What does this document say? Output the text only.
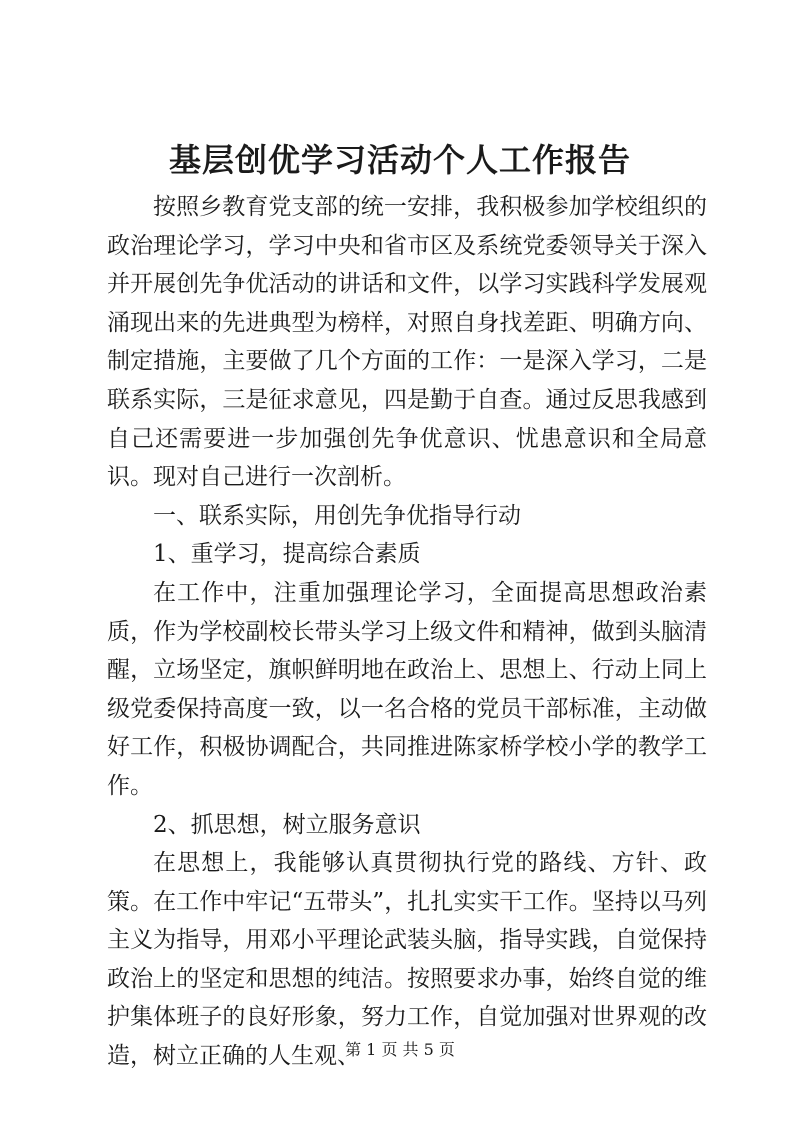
基层创优学习活动个人工作报告

按照乡教育党支部的统一安排，我积极参加学校组织的政治理论学习，学习中央和省市区及系统党委领导关于深入并开展创先争优活动的讲话和文件，以学习实践科学发展观涌现出来的先进典型为榜样，对照自身找差距、明确方向、制定措施，主要做了几个方面的工作：一是深入学习，二是联系实际，三是征求意见，四是勤于自查。通过反思我感到自己还需要进一步加强创先争优意识、忧患意识和全局意识。现对自己进行一次剖析。

一、联系实际，用创先争优指导行动

1、重学习，提高综合素质

在工作中，注重加强理论学习，全面提高思想政治素质，作为学校副校长带头学习上级文件和精神，做到头脑清醒，立场坚定，旗帜鲜明地在政治上、思想上、行动上同上级党委保持高度一致，以一名合格的党员干部标准，主动做好工作，积极协调配合，共同推进陈家桥学校小学的教学工作。

2、抓思想，树立服务意识

在思想上，我能够认真贯彻执行党的路线、方针、政策。在工作中牢记“五带头”，扎扎实实干工作。坚持以马列主义为指导，用邓小平理论武装头脑，指导实践，自觉保持政治上的坚定和思想的纯洁。按照要求办事，始终自觉的维护集体班子的良好形象，努力工作，自觉加强对世界观的改造，树立正确的人生观、

第 1 页 共 5 页
